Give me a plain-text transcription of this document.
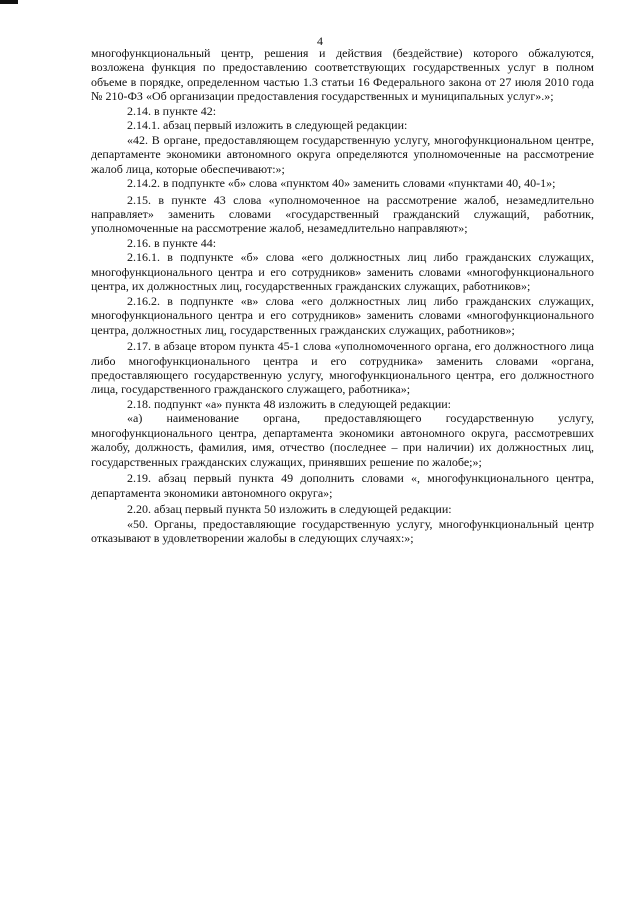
4

многофункциональный центр, решения и действия (бездействие) которого обжалуются, возложена функция по предоставлению соответствующих государственных услуг в полном объеме в порядке, определенном частью 1.3 статьи 16 Федерального закона от 27 июля 2010 года № 210-ФЗ «Об организации предоставления государственных и муниципальных услуг».»;

2.14. в пункте 42:

2.14.1. абзац первый изложить в следующей редакции:

«42. В органе, предоставляющем государственную услугу, многофункциональном центре, департаменте экономики автономного округа определяются уполномоченные на рассмотрение жалоб лица, которые обеспечивают:»;

2.14.2. в подпункте «б» слова «пунктом 40» заменить словами «пунктами 40, 40-1»;

2.15. в пункте 43 слова «уполномоченное на рассмотрение жалоб, незамедлительно направляет» заменить словами «государственный гражданский служащий, работник, уполномоченные на рассмотрение жалоб, незамедлительно направляют»;

2.16. в пункте 44:

2.16.1. в подпункте «б» слова «его должностных лиц либо гражданских служащих, многофункционального центра и его сотрудников» заменить словами «многофункционального центра, их должностных лиц, государственных гражданских служащих, работников»;

2.16.2. в подпункте «в» слова «его должностных лиц либо гражданских служащих, многофункционального центра и его сотрудников» заменить словами «многофункционального центра, должностных лиц, государственных гражданских служащих, работников»;

2.17. в абзаце втором пункта 45-1 слова «уполномоченного органа, его должностного лица либо многофункционального центра и его сотрудника» заменить словами «органа, предоставляющего государственную услугу, многофункционального центра, его должностного лица, государственного гражданского служащего, работника»;

2.18. подпункт «а» пункта 48 изложить в следующей редакции:

«а) наименование органа, предоставляющего государственную услугу, многофункционального центра, департамента экономики автономного округа, рассмотревших жалобу, должность, фамилия, имя, отчество (последнее – при наличии) их должностных лиц, государственных гражданских служащих, принявших решение по жалобе;»;

2.19. абзац первый пункта 49 дополнить словами «, многофункционального центра, департамента экономики автономного округа»;

2.20. абзац первый пункта 50 изложить в следующей редакции:

«50. Органы, предоставляющие государственную услугу, многофункциональный центр отказывают в удовлетворении жалобы в следующих случаях:»;
